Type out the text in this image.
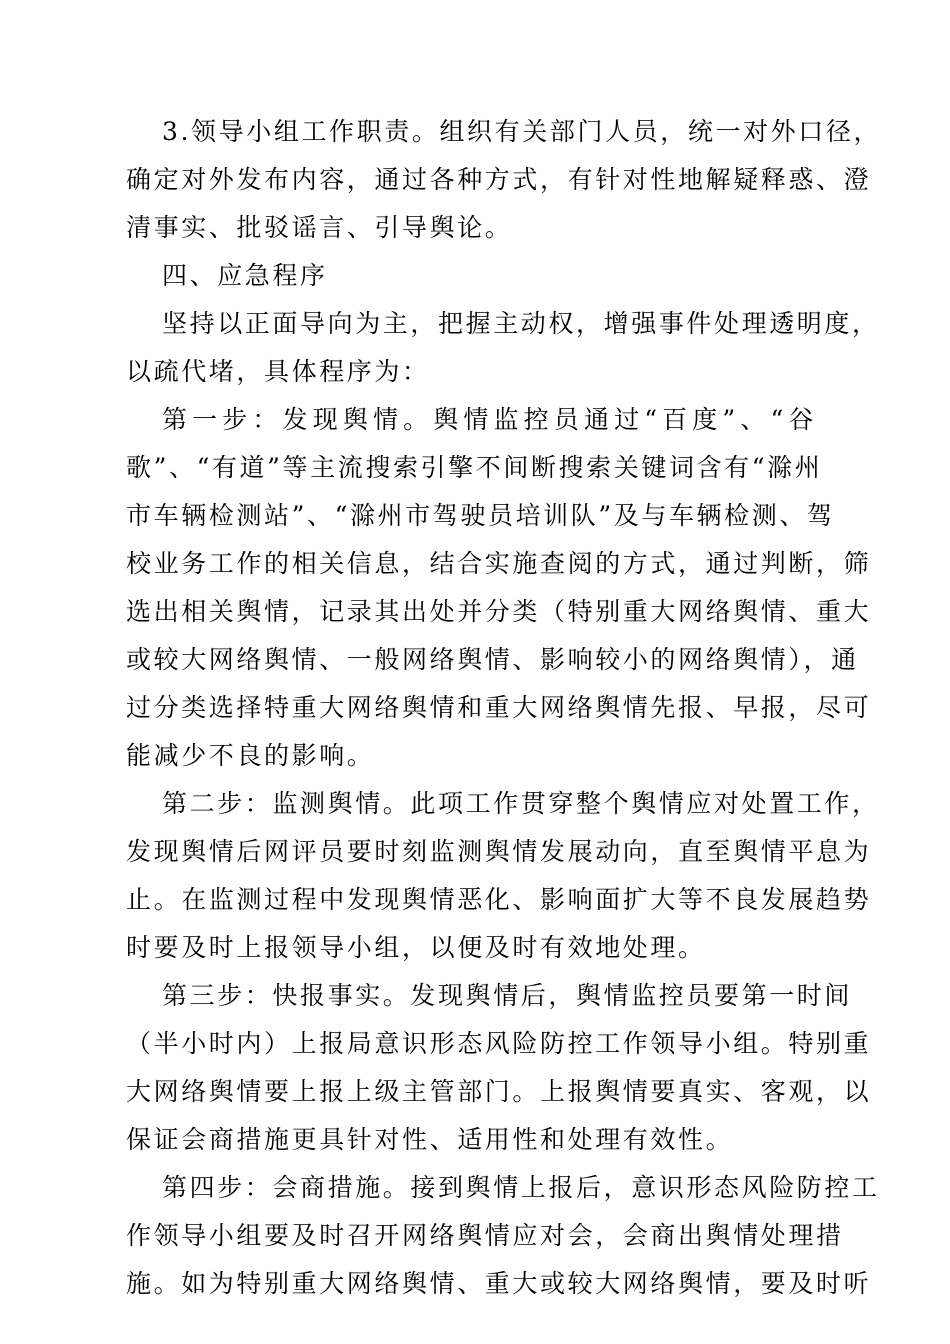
3.领导小组工作职责。组织有关部门人员，统一对外口径，
确定对外发布内容，通过各种方式，有针对性地解疑释惑、澄
清事实、批驳谣言、引导舆论。
四、应急程序
坚持以正面导向为主，把握主动权，增强事件处理透明度，
以疏代堵，具体程序为：
第一步：发现舆情。舆情监控员通过“百度”、“谷
歌”、“有道”等主流搜索引擎不间断搜索关键词含有“滁州
市车辆检测站”、“滁州市驾驶员培训队”及与车辆检测、驾
校业务工作的相关信息，结合实施查阅的方式，通过判断，筛
选出相关舆情，记录其出处并分类（特别重大网络舆情、重大
或较大网络舆情、一般网络舆情、影响较小的网络舆情），通
过分类选择特重大网络舆情和重大网络舆情先报、早报，尽可
能减少不良的影响。
第二步：监测舆情。此项工作贯穿整个舆情应对处置工作，
发现舆情后网评员要时刻监测舆情发展动向，直至舆情平息为
止。在监测过程中发现舆情恶化、影响面扩大等不良发展趋势
时要及时上报领导小组，以便及时有效地处理。
第三步：快报事实。发现舆情后，舆情监控员要第一时间
（半小时内）上报局意识形态风险防控工作领导小组。特别重
大网络舆情要上报上级主管部门。上报舆情要真实、客观，以
保证会商措施更具针对性、适用性和处理有效性。
第四步：会商措施。接到舆情上报后，意识形态风险防控工
作领导小组要及时召开网络舆情应对会，会商出舆情处理措
施。如为特别重大网络舆情、重大或较大网络舆情，要及时听
